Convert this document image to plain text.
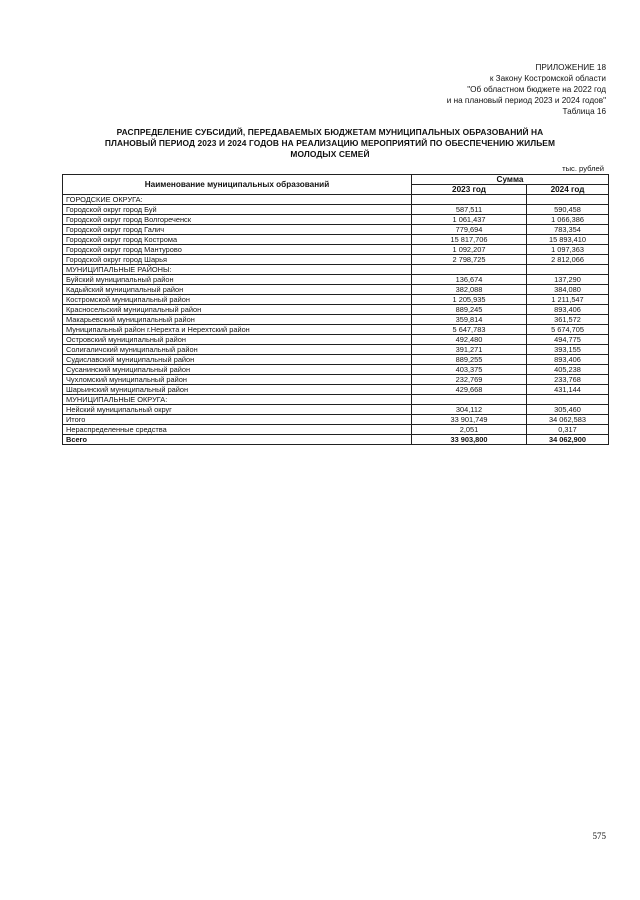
ПРИЛОЖЕНИЕ 18
к Закону Костромской области
"Об областном бюджете на 2022 год
и на плановый период 2023 и 2024 годов"
Таблица 16
РАСПРЕДЕЛЕНИЕ СУБСИДИЙ, ПЕРЕДАВАЕМЫХ БЮДЖЕТАМ МУНИЦИПАЛЬНЫХ ОБРАЗОВАНИЙ НА
ПЛАНОВЫЙ ПЕРИОД 2023 И 2024 ГОДОВ НА РЕАЛИЗАЦИЮ МЕРОПРИЯТИЙ ПО ОБЕСПЕЧЕНИЮ ЖИЛЬЕМ
МОЛОДЫХ СЕМЕЙ
тыс. рублей
Наименование муниципальных образований	Сумма	
	2023 год	2024 год
ГОРОДСКИЕ ОКРУГА:		
Городской округ город Буй	587,511	590,458
Городской округ город Волгореченск	1 061,437	1 066,386
Городской округ город Галич	779,694	783,354
Городской округ город Кострома	15 817,706	15 893,410
Городской округ город Мантурово	1 092,207	1 097,363
Городской округ город Шарья	2 798,725	2 812,066
МУНИЦИПАЛЬНЫЕ РАЙОНЫ:		
Буйский муниципальный район	136,674	137,290
Кадыйский муниципальный район	382,088	384,080
Костромской муниципальный район	1 205,935	1 211,547
Красносельский муниципальный район	889,245	893,406
Макарьевский муниципальный район	359,814	361,572
Муниципальный район г.Нерехта и Нерехтский район	5 647,783	5 674,705
Островский муниципальный район	492,480	494,775
Солигаличский муниципальный район	391,271	393,155
Судиславский муниципальный район	889,255	893,406
Сусанинский муниципальный район	403,375	405,238
Чухломский муниципальный район	232,769	233,768
Шарьинский муниципальный район	429,668	431,144
МУНИЦИПАЛЬНЫЕ ОКРУГА:		
Нейский муниципальный округ	304,112	305,460
Итого	33 901,749	34 062,583
Нераспределенные средства	2,051	0,317
Всего	33 903,800	34 062,900
575
